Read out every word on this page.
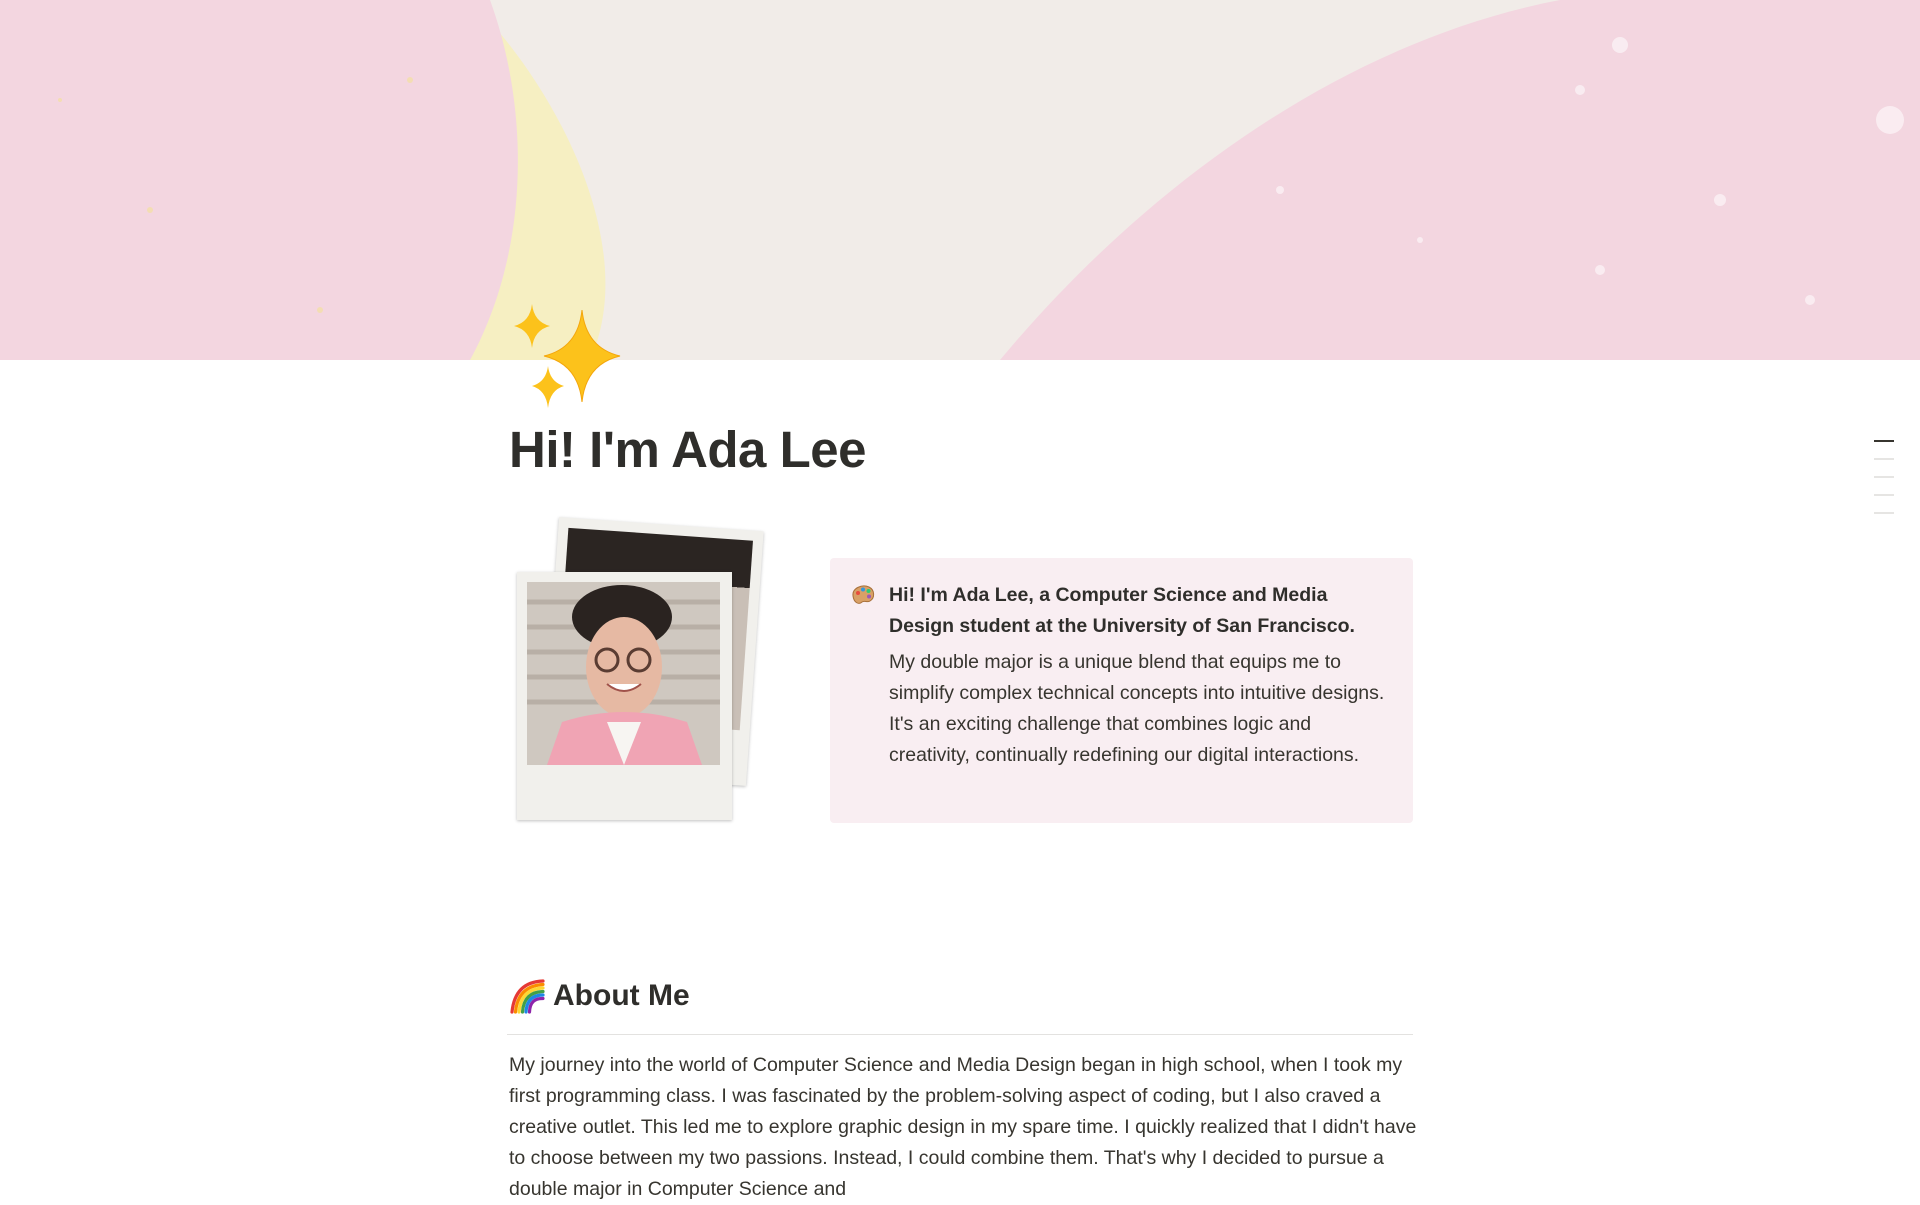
Hi! I'm Ada Lee
Hi! I'm Ada Lee, a Computer Science and Media Design student at the University of San Francisco.
My double major is a unique blend that equips me to simplify complex technical concepts into intuitive designs. It's an exciting challenge that combines logic and creativity, continually redefining our digital interactions.
About Me

My journey into the world of Computer Science and Media Design began in high school, when I took my first programming class. I was fascinated by the problem-solving aspect of coding, but I also craved a creative outlet. This led me to explore graphic design in my spare time. I quickly realized that I didn't have to choose between my two passions. Instead, I could combine them. That's why I decided to pursue a double major in Computer Science and
